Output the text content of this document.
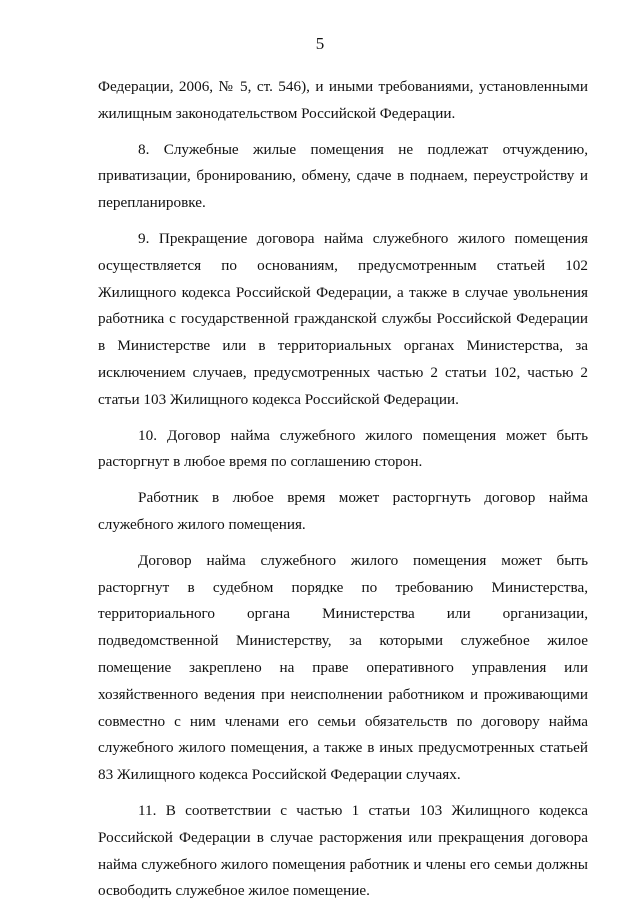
5

Федерации, 2006, № 5, ст. 546), и иными требованиями, установленными жилищным законодательством Российской Федерации.

8. Служебные жилые помещения не подлежат отчуждению, приватизации, бронированию, обмену, сдаче в поднаем, переустройству и перепланировке.

9. Прекращение договора найма служебного жилого помещения осуществляется по основаниям, предусмотренным статьей 102 Жилищного кодекса Российской Федерации, а также в случае увольнения работника с государственной гражданской службы Российской Федерации в Министерстве или в территориальных органах Министерства, за исключением случаев, предусмотренных частью 2 статьи 102, частью 2 статьи 103 Жилищного кодекса Российской Федерации.

10. Договор найма служебного жилого помещения может быть расторгнут в любое время по соглашению сторон.

Работник в любое время может расторгнуть договор найма служебного жилого помещения.

Договор найма служебного жилого помещения может быть расторгнут в судебном порядке по требованию Министерства, территориального органа Министерства или организации, подведомственной Министерству, за которыми служебное жилое помещение закреплено на праве оперативного управления или хозяйственного ведения при неисполнении работником и проживающими совместно с ним членами его семьи обязательств по договору найма служебного жилого помещения, а также в иных предусмотренных статьей 83 Жилищного кодекса Российской Федерации случаях.

11. В соответствии с частью 1 статьи 103 Жилищного кодекса Российской Федерации в случае расторжения или прекращения договора найма служебного жилого помещения работник и члены его семьи должны освободить служебное жилое помещение.
